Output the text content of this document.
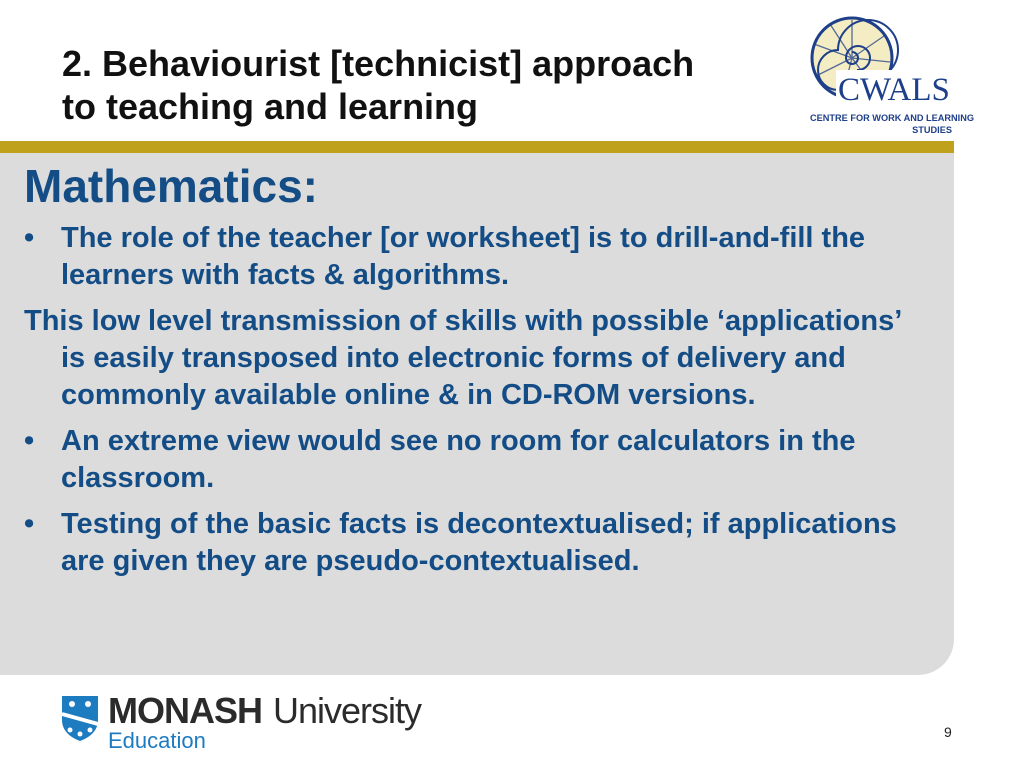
2. Behaviourist [technicist] approach
to teaching and learning	CWALS
CENTRE FOR WORK AND LEARNING
STUDIES
Mathematics:

• The role of the teacher [or worksheet] is to drill-and-fill the learners with facts & algorithms.

This low level transmission of skills with possible ‘applications’ is easily transposed into electronic forms of delivery and commonly available online & in CD-ROM versions.

• An extreme view would see no room for calculators in the classroom.

• Testing of the basic facts is decontextualised; if applications are given they are pseudo-contextualised.

MONASH University
Education	9
